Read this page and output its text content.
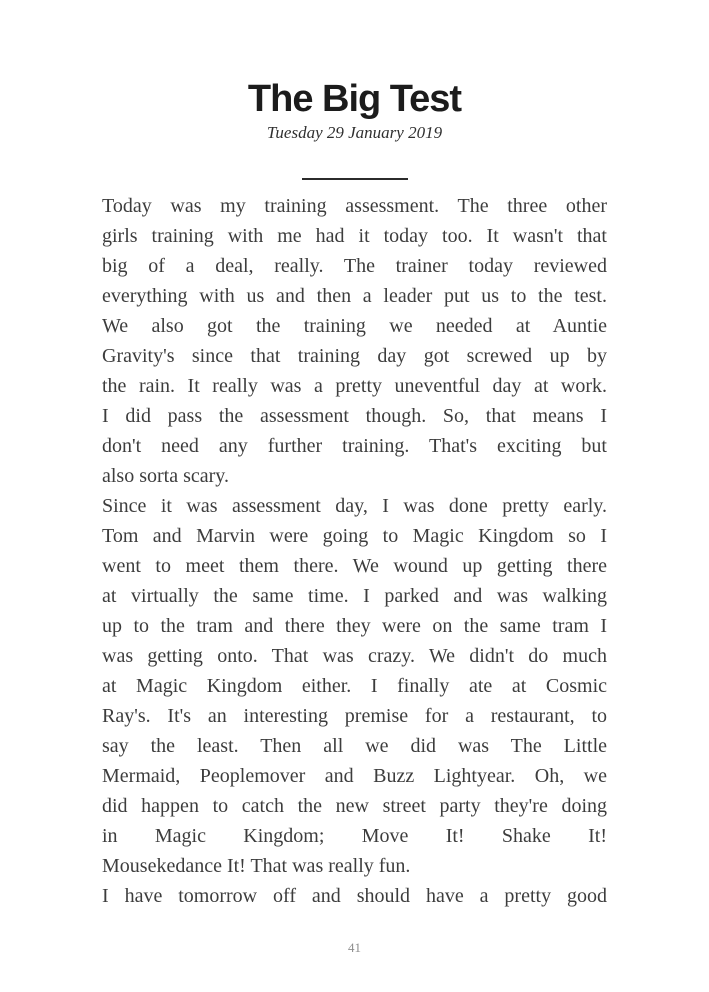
The Big Test
Tuesday 29 January 2019
Today was my training assessment. The three other
girls training with me had it today too. It wasn't that
big of a deal, really. The trainer today reviewed
everything with us and then a leader put us to the test.
We also got the training we needed at Auntie
Gravity's since that training day got screwed up by
the rain. It really was a pretty uneventful day at work.
I did pass the assessment though. So, that means I
don't need any further training. That's exciting but
also sorta scary.
Since it was assessment day, I was done pretty early.
Tom and Marvin were going to Magic Kingdom so I
went to meet them there. We wound up getting there
at virtually the same time. I parked and was walking
up to the tram and there they were on the same tram I
was getting onto. That was crazy. We didn't do much
at Magic Kingdom either. I finally ate at Cosmic
Ray's. It's an interesting premise for a restaurant, to
say the least. Then all we did was The Little
Mermaid, Peoplemover and Buzz Lightyear. Oh, we
did happen to catch the new street party they're doing
in Magic Kingdom; Move It! Shake It!
Mousekedance It! That was really fun.
I have tomorrow off and should have a pretty good
41
